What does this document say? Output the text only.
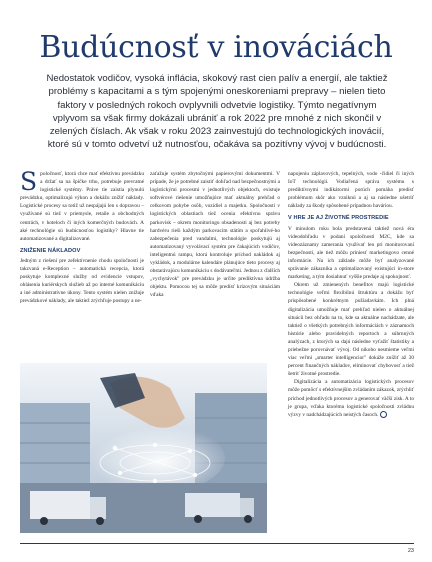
Budúcnosť v inováciách
Nedostatok vodičov, vysoká inflácia, skokový rast cien palív a energií, ale taktiež problémy s kapacitami a s tým spojenými oneskoreniami prepravy – nielen tieto faktory v posledných rokoch ovplyvnili odvetvie logistiky. Týmto negatívnym vplyvom sa však firmy dokázali ubrániť a rok 2022 pre mnohé z nich skončil v zelených číslach. Ak však v roku 2023 zainvestujú do technologických inovácií, ktoré sú v tomto odvetví už nutnosťou, očakáva sa pozitívny vývoj v budúcnosti.

Spoločnosť, ktorá chce mať efektívnu prevádzku a držať sa na špičke trhu, potrebuje prevratné logistické systémy. Práve tie zaistia plynulú prevádzku, optimalizujú výkon a dokážu znížiť náklady. Logistické procesy sa totiž už nespájajú len s dopravou – využívané sú tiež v priemysle, retaile a obchodných centrách, v hoteloch či iných komerčných budovách. A aké technológie sú budúcnosťou logistiky? Hlavne tie automatizované a digitalizované.

ZNIŽENIE NÁKLADOV

Jedným z riešení pre zefektívnenie chodu spoločnosti je takzvaná e-Reception – automatická recepcia, ktorá poskytuje komplexné služby od evidencie vstupov, ohlásenia kuriérskych služieb až po interné komunikáciu a iné administratívne úkony. Tento systém nielen znižuje prevádzkové náklady, ale taktiež zrýchľuje postupy a ne-

zaťažuje systém zbytočnými papierovými dokumentmi. V prípade, že je potrebné zaistiť dohľad nad bezpečnostnými a logistickými procesmi v jednotlivých objektoch, existuje softvérové riešenie umožňujúce mať aktuálny prehľad o celkovom pohybe osôb, vozidiel a majetku. Spoločnosti v logistických oblastiach tiež ocenia efektívnu správu parkovísk – okrem monitoringu obsadenosti aj bez potreby hardvéru rieši každým parkovacím státím a spoľahlivé-ho zabezpečenia pred vandalmi, technológie poskytujú aj automatizovaný vyvolávací systém pre čakajúcich vodičov, inteligentnú rampu, ktorá kontroluje príchod nakládok aj vykládok, a modulárne kalendáre plánujúce tieto procesy aj obstarávajúcu komunikáciu s dodávateľmi. Jednou z ďalších „vychytávok" pre prevádzku je určite prediktívna údržba objektu. Pomocou tej sa môže predísť krízovým situáciám vďaka

napojeniu záplavových, tepelných, vodo -čidiel či iných IoT technológií. Vodiaľená správa systému s prediktívnymi indikátormi porúch pomáha predísť problémom skôr ako vzniknú a aj sa následne ušetriť náklady za škody spôsobené prípadnou haváriou.

V HRE JE AJ ŽIVOTNÉ PROSTREDIE

V minulom roku bola predstavená taktiež nová éra videodohľadu v podaní spoločnosti M2C, kde sa videozáznamy zamerania využívať len pri monitorovaní bezpečnosti, ale tiež môžu priniesť marketingovo cenné informácie. Na ich základe môže byť analyzované správanie zákazníka a optimalizovaný existujúci in-store marketing, a tým dosiahnuť vyššie predaje aj spokojnosť.

Okrem už zmienených benefitov majú logistické technológie veľmi flexibilnú štruktúru a dokážu byť prispôsobené konkrétnym požiadavkám. Ich plná digitalizácia umožňuje mať prehľad nielen o aktuálnej situácii bez ohľadu na to, kde sa aktuálne nachádzate, ale taktiež o všetkých potrebných informáciách v záznamoch histórie alebo pravidelných reportoch a súhrnných analýzach, z ktorých sa dajú následne vyťažiť štatistiky a priebežne porovnávať vývoj. Od nikoho nesmieme veľmi viac veľmi „smarter intelligencior" dokáže znížiť až 30 percent finančných nákladov, eliminovať chybovosť a tiež šetriť životné prostredie.

Digitalizácia a automatizácia logistických procesov môže pomôcť s efektívnejším zvládaním zákazok, zrýchliť príchod jednotlivých procesov a generovať väčší zisk. A to je grupa, vďaka ktorému logistické spoločnosti zvládnu výzvy v nadchádzajúcich neistých časoch.

23
